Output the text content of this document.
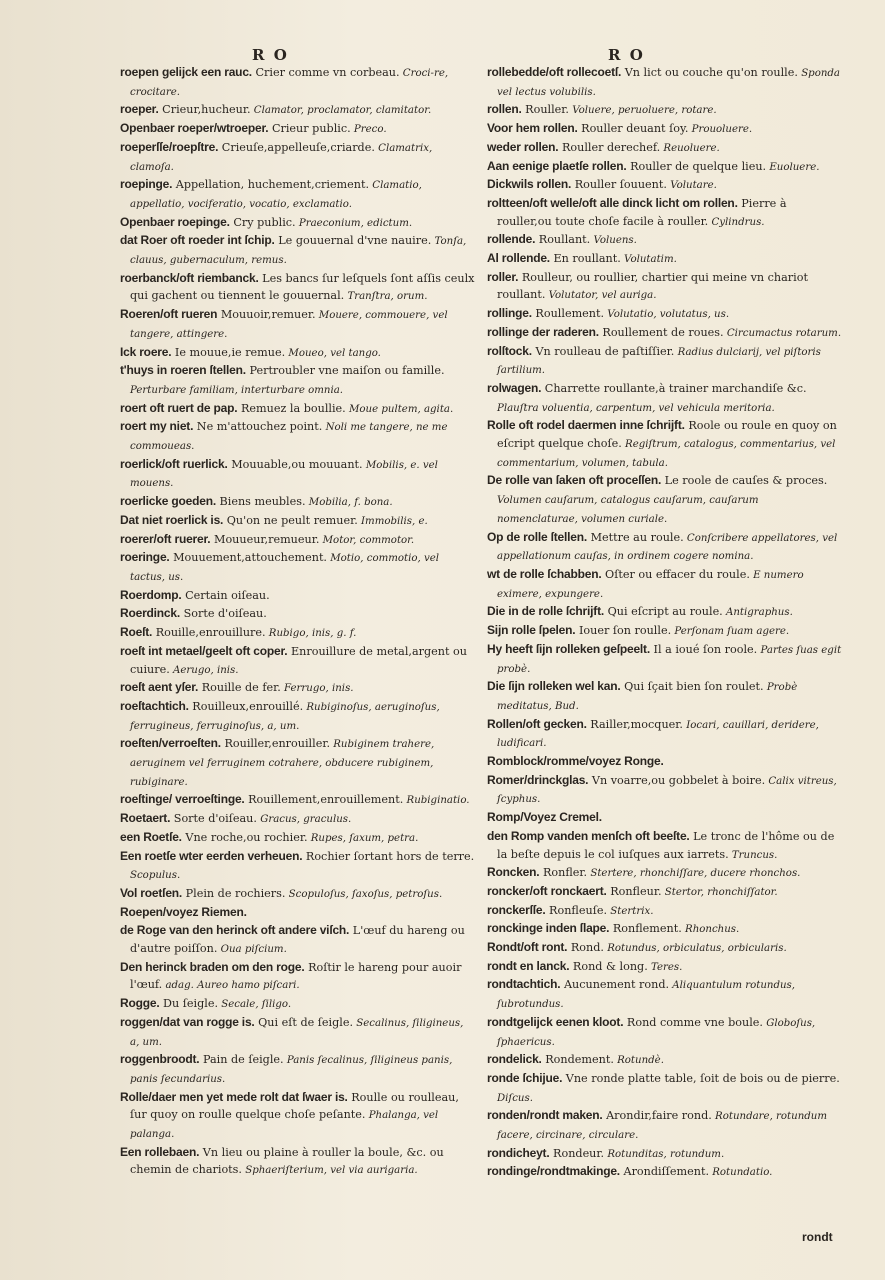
R O	R O

roepen gelijck een rauc. Crier comme vn corbeau. Croci-re, crocitare.

roeper. Crieur,hucheur. Clamator, proclamator, clamitator.

Openbaer roeper/wtroeper. Crieur public. Preco.

roeperſſe/roepſtre. Crieuſe,appelleuſe,criarde. Clamatrix, clamoſa.

roepinge. Appellation, huchement,criement. Clamatio, appellatio, vociferatio, vocatio, exclamatio.

Openbaer roepinge. Cry public. Praeconium, edictum.

dat Roer oft roeder int ſchip. Le gouuernal d'vne nauire. Tonſa, clauus, gubernaculum, remus.

roerbanck/oft riembanck. Les bancs ſur leſquels ſont aſſis ceulx qui gachent ou tiennent le gouuernal. Tranſtra, orum.

Roeren/oft rueren Mouuoir,remuer. Mouere, commouere, vel tangere, attingere.

Ick roere. Ie mouue,ie remue. Moueo, vel tango.

t'huys in roeren ſtellen. Pertroubler vne maiſon ou famille. Perturbare familiam, interturbare omnia.

roert oft ruert de pap. Remuez la boullie. Moue pultem, agita.

roert my niet. Ne m'attouchez point. Noli me tangere, ne me commoueas.

roerlick/oft ruerlick. Mouuable,ou mouuant. Mobilis, e. vel mouens.

roerlicke goeden. Biens meubles. Mobilia, f. bona.

Dat niet roerlick is. Qu'on ne peult remuer. Immobilis, e.

roerer/oft ruerer. Mouueur,remueur. Motor, commotor.

roeringe. Mouuement,attouchement. Motio, commotio, vel tactus, us.

Roerdomp. Certain oiſeau.

Roerdinck. Sorte d'oiſeau.

Roeſt. Rouille,enrouillure. Rubigo, inis, g. f.

roeſt int metael/geelt oft coper. Enrouillure de metal,argent ou cuiure. Aerugo, inis.

roeſt aent yſer. Rouille de fer. Ferrugo, inis.

roeſtachtich. Rouilleux,enrouillé. Rubiginoſus, aeruginoſus, ferrugineus, ferruginoſus, a, um.

roeſten/verroeſten. Rouiller,enrouiller. Rubiginem trahere, aeruginem vel ferruginem cotrahere, obducere rubiginem, rubiginare.

roeſtinge/ verroeſtinge. Rouillement,enrouillement. Rubiginatio.

Roetaert. Sorte d'oiſeau. Gracus, graculus.

een Roetſe. Vne roche,ou rochier. Rupes, ſaxum, petra.

Een roetſe wter eerden verheuen. Rochier ſortant hors de terre. Scopulus.

Vol roetſen. Plein de rochiers. Scopuloſus, ſaxoſus, petroſus.

Roepen/voyez Riemen.

de Roge van den herinck oft andere viſch. L'œuf du hareng ou d'autre poiſſon. Oua piſcium.

Den herinck braden om den roge. Roſtir le hareng pour auoir l'œuf. adag. Aureo hamo piſcari.

Rogge. Du ſeigle. Secale, ſiligo.

roggen/dat van rogge is. Qui eſt de ſeigle. Secalinus, ſiligineus, a, um.

roggenbroodt. Pain de ſeigle. Panis ſecalinus, ſiligineus panis, panis ſecundarius.

Rolle/daer men yet mede rolt dat ſwaer is. Roulle ou roulleau, ſur quoy on roulle quelque choſe peſante. Phalanga, vel palanga.

Een rollebaen. Vn lieu ou plaine à rouller la boule, &c. ou chemin de chariots. Sphaeriſterium, vel via aurigaria.

rollebedde/oft rollecoetſ. Vn lict ou couche qu'on roulle. Sponda vel lectus volubilis.

rollen. Rouller. Voluere, peruoluere, rotare.

Voor hem rollen. Rouller deuant ſoy. Prouoluere.

weder rollen. Rouller derechef. Reuoluere.

Aan eenige plaetſe rollen. Rouller de quelque lieu. Euoluere.

Dickwils rollen. Rouller ſouuent. Volutare.

roltteen/oft welle/oft alle dinck licht om rollen. Pierre à rouller,ou toute choſe facile à rouller. Cylindrus.

rollende. Roullant. Voluens.

Al rollende. En roullant. Volutatim.

roller. Roulleur, ou roullier, chartier qui meine vn chariot roullant. Volutator, vel auriga.

rollinge. Roullement. Volutatio, volutatus, us.

rollinge der raderen. Roullement de roues. Circumactus rotarum.

rolſtock. Vn roulleau de paſtiſſier. Radius dulciarij, vel piſtoris ſartilium.

rolwagen. Charrette roullante,à trainer marchandiſe &c. Plauſtra voluentia, carpentum, vel vehicula meritoria.

Rolle oft rodel daermen inne ſchrijft. Roole ou roule en quoy on eſcript quelque choſe. Regiſtrum, catalogus, commentarius, vel commentarium, volumen, tabula.

De rolle van ſaken oft proceſſen. Le roole de cauſes & proces. Volumen cauſarum, catalogus cauſarum, cauſarum nomenclaturae, volumen curiale.

Op de rolle ſtellen. Mettre au roule. Conſcribere appellatores, vel appellationum cauſas, in ordinem cogere nomina.

wt de rolle ſchabben. Oſter ou effacer du roule. E numero eximere, expungere.

Die in de rolle ſchrijft. Qui eſcript au roule. Antigraphus.

Sijn rolle ſpelen. Iouer ſon roulle. Perſonam ſuam agere.

Hy heeft ſijn rolleken geſpeelt. Il a ioué ſon roole. Partes ſuas egit probè.

Die ſijn rolleken wel kan. Qui ſçait bien ſon roulet. Probè meditatus, Bud.

Rollen/oft gecken. Railler,mocquer. Iocari, cauillari, deridere, ludificari.

Romblock/romme/voyez Ronge.

Romer/drinckglas. Vn voarre,ou gobbelet à boire. Calix vitreus, ſcyphus.

Romp/Voyez Cremel.

den Romp vanden menſch oft beeſte. Le tronc de l'hôme ou de la beſte depuis le col iuſques aux iarrets. Truncus.

Roncken. Ronfler. Stertere, rhonchiſſare, ducere rhonchos.

roncker/oft ronckaert. Ronfleur. Stertor, rhonchiſſator.

ronckerſſe. Ronfleuſe. Stertrix.

ronckinge inden ſlape. Ronflement. Rhonchus.

Rondt/oft ront. Rond. Rotundus, orbiculatus, orbicularis.

rondt en lanck. Rond & long. Teres.

rondtachtich. Aucunement rond. Aliquantulum rotundus, ſubrotundus.

rondtgelijck eenen kloot. Rond comme vne boule. Globoſus, ſphaericus.

rondelick. Rondement. Rotundè.

ronde ſchijue. Vne ronde platte table, ſoit de bois ou de pierre. Diſcus.

ronden/rondt maken. Arondir,faire rond. Rotundare, rotundum facere, circinare, circulare.

rondicheyt. Rondeur. Rotunditas, rotundum.

rondinge/rondtmakinge. Arondiſſement. Rotundatio.

rondt
